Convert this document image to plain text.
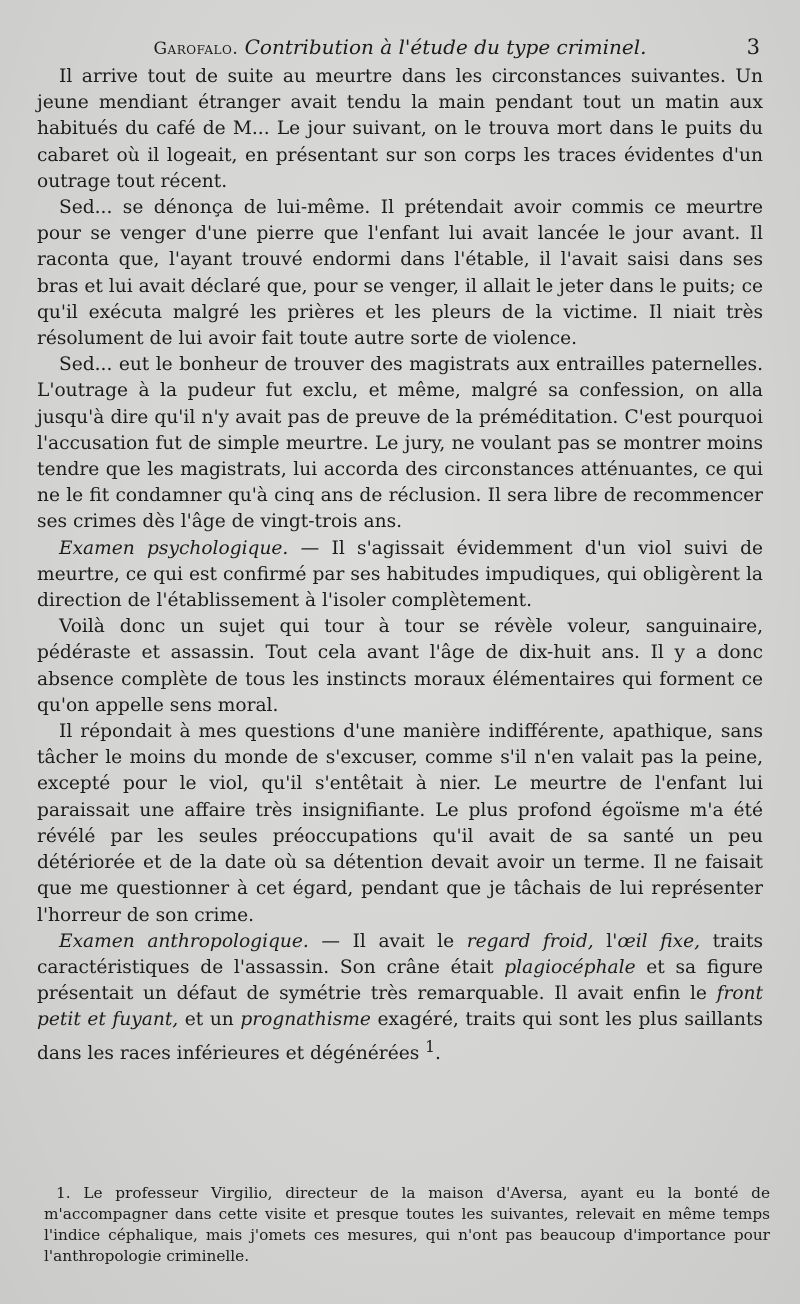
Garofalo. Contribution à l'étude du type criminel.	3

Il arrive tout de suite au meurtre dans les circonstances suivantes. Un jeune mendiant étranger avait tendu la main pendant tout un matin aux habitués du café de M... Le jour suivant, on le trouva mort dans le puits du cabaret où il logeait, en présentant sur son corps les traces évidentes d'un outrage tout récent.

Sed... se dénonça de lui-même. Il prétendait avoir commis ce meurtre pour se venger d'une pierre que l'enfant lui avait lancée le jour avant. Il raconta que, l'ayant trouvé endormi dans l'étable, il l'avait saisi dans ses bras et lui avait déclaré que, pour se venger, il allait le jeter dans le puits; ce qu'il exécuta malgré les prières et les pleurs de la victime. Il niait très résolument de lui avoir fait toute autre sorte de violence.

Sed... eut le bonheur de trouver des magistrats aux entrailles paternelles. L'outrage à la pudeur fut exclu, et même, malgré sa confession, on alla jusqu'à dire qu'il n'y avait pas de preuve de la préméditation. C'est pourquoi l'accusation fut de simple meurtre. Le jury, ne voulant pas se montrer moins tendre que les magistrats, lui accorda des circonstances atténuantes, ce qui ne le fit condamner qu'à cinq ans de réclusion. Il sera libre de recommencer ses crimes dès l'âge de vingt-trois ans.

Examen psychologique. — Il s'agissait évidemment d'un viol suivi de meurtre, ce qui est confirmé par ses habitudes impudiques, qui obligèrent la direction de l'établissement à l'isoler complètement.

Voilà donc un sujet qui tour à tour se révèle voleur, sanguinaire, pédéraste et assassin. Tout cela avant l'âge de dix-huit ans. Il y a donc absence complète de tous les instincts moraux élémentaires qui forment ce qu'on appelle sens moral.

Il répondait à mes questions d'une manière indifférente, apathique, sans tâcher le moins du monde de s'excuser, comme s'il n'en valait pas la peine, excepté pour le viol, qu'il s'entêtait à nier. Le meurtre de l'enfant lui paraissait une affaire très insignifiante. Le plus profond égoïsme m'a été révélé par les seules préoccupations qu'il avait de sa santé un peu détériorée et de la date où sa détention devait avoir un terme. Il ne faisait que me questionner à cet égard, pendant que je tâchais de lui représenter l'horreur de son crime.

Examen anthropologique. — Il avait le regard froid, l'œil fixe, traits caractéristiques de l'assassin. Son crâne était plagiocéphale et sa figure présentait un défaut de symétrie très remarquable. Il avait enfin le front petit et fuyant, et un prognathisme exagéré, traits qui sont les plus saillants dans les races inférieures et dégénérées $^1$.

1. Le professeur Virgilio, directeur de la maison d'Aversa, ayant eu la bonté de m'accompagner dans cette visite et presque toutes les suivantes, relevait en même temps l'indice céphalique, mais j'omets ces mesures, qui n'ont pas beaucoup d'importance pour l'anthropologie criminelle.
